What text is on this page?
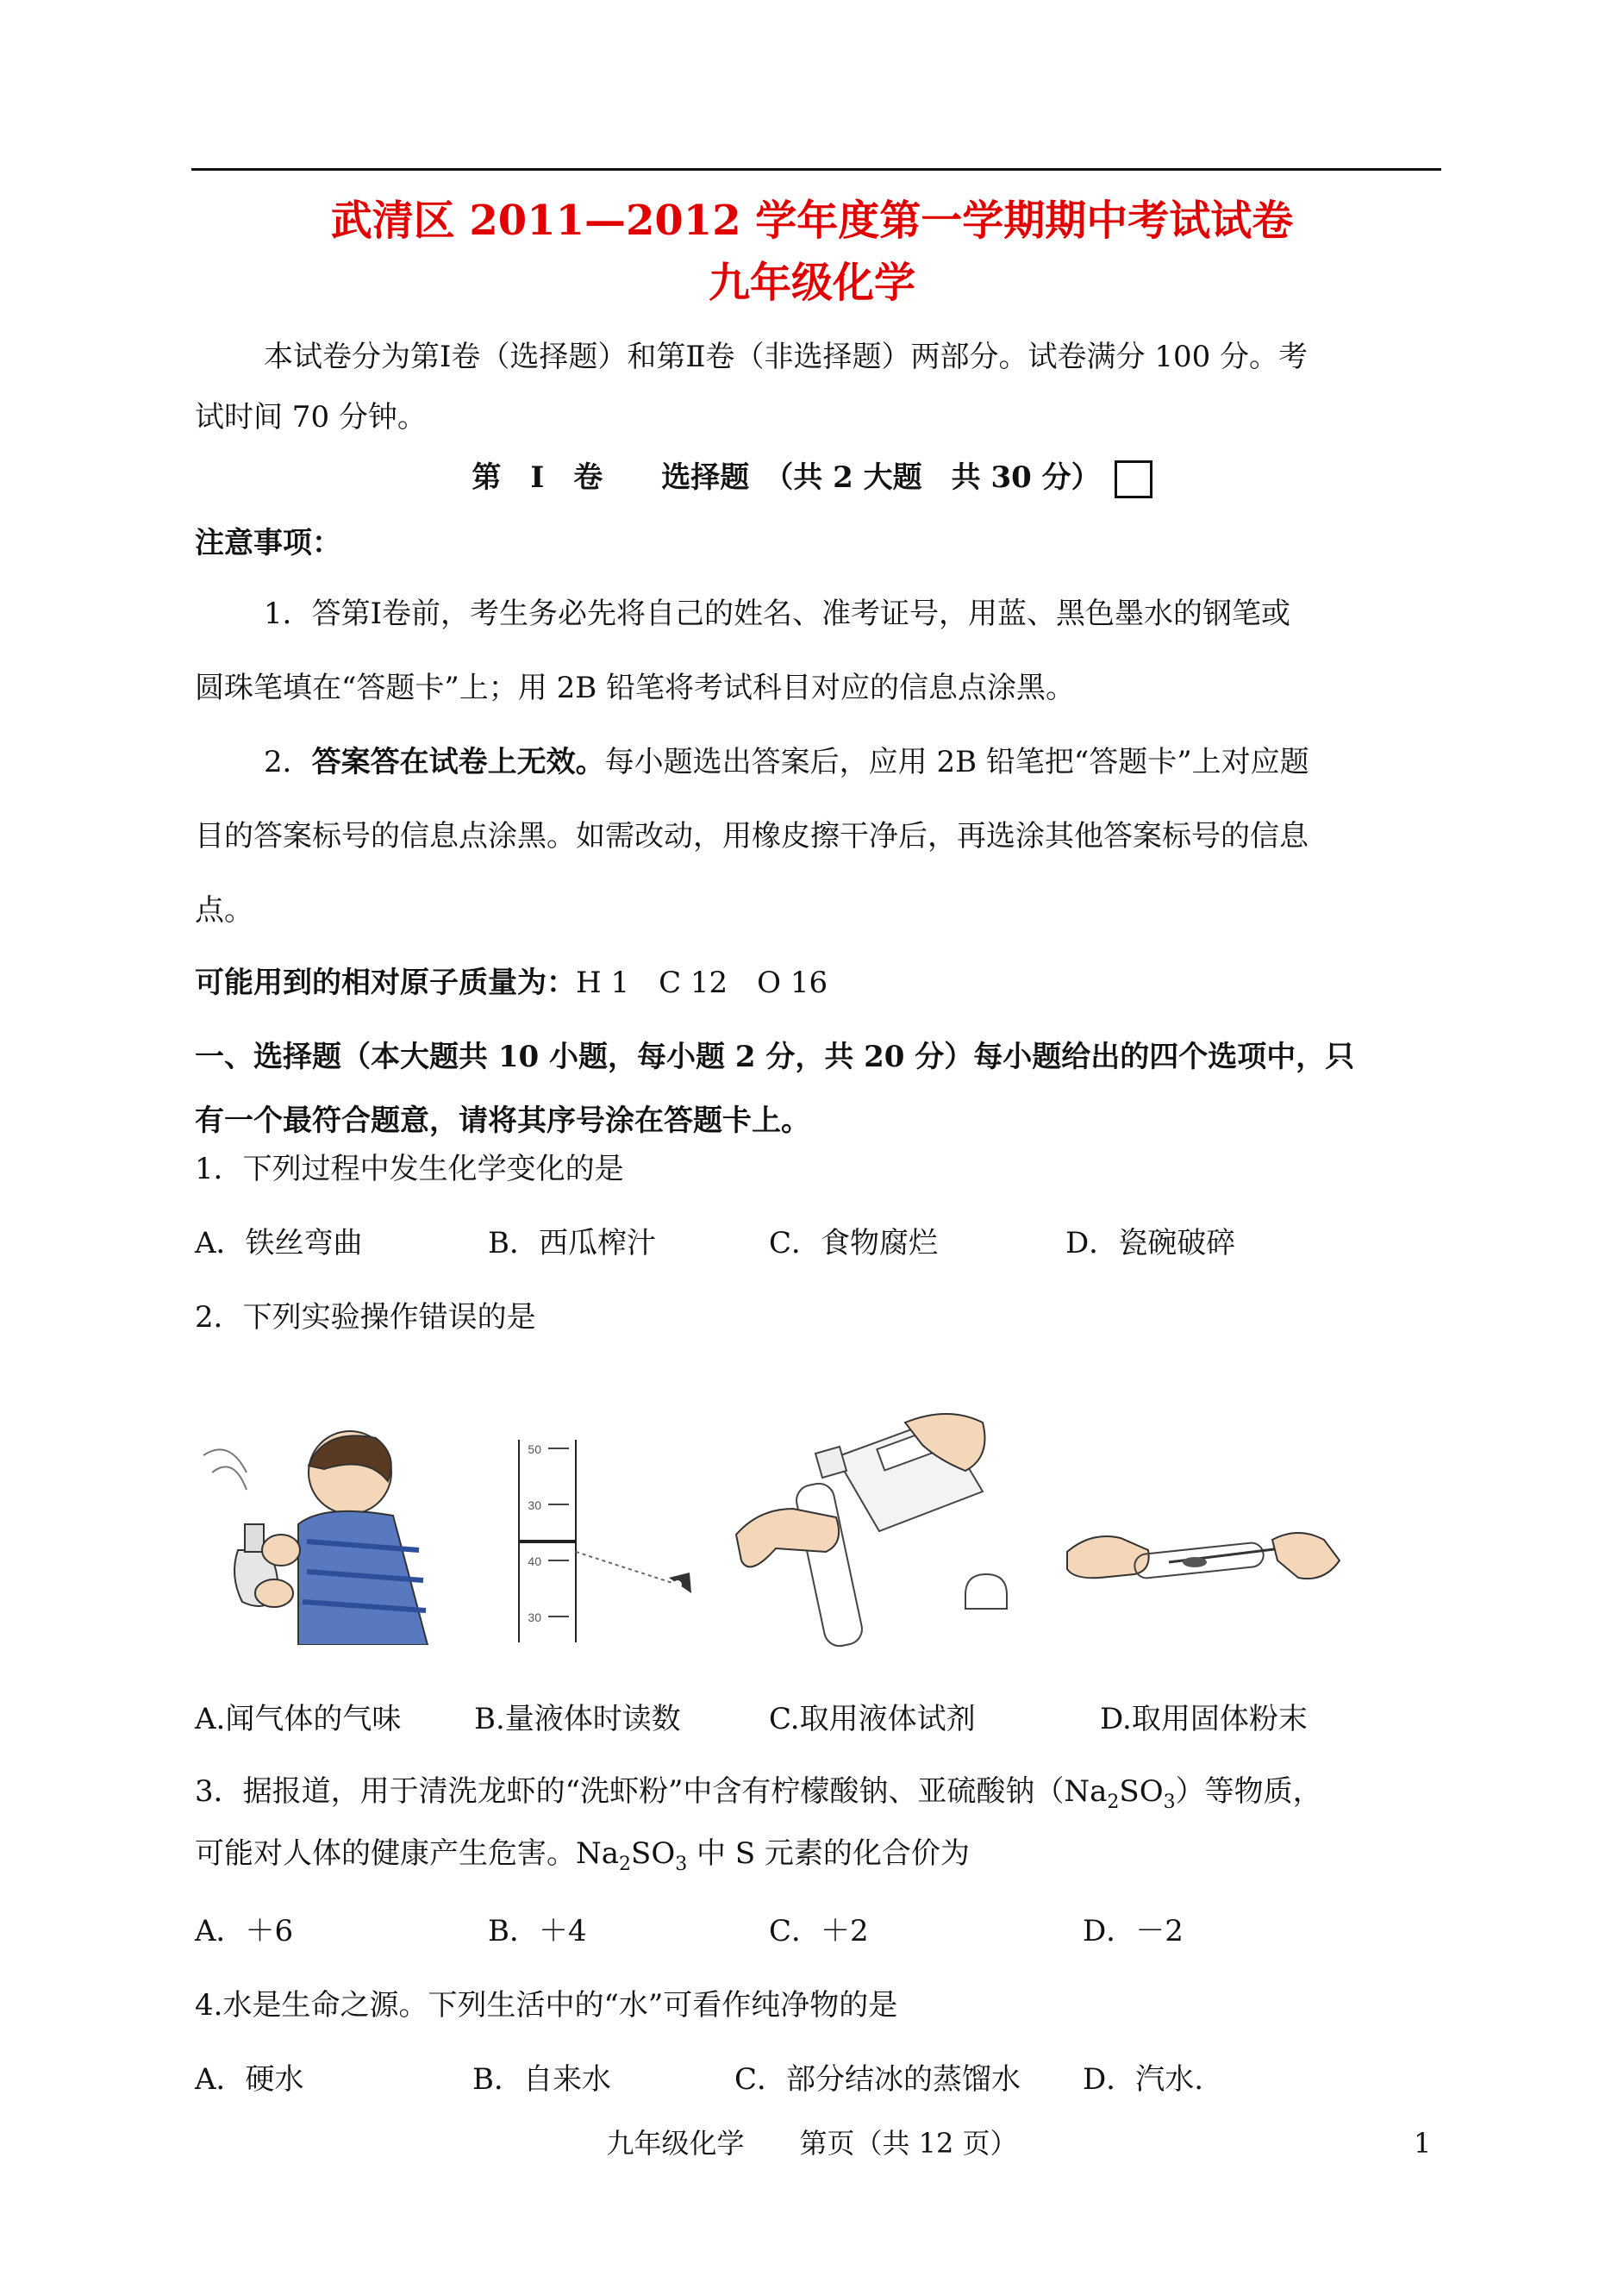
武清区 2011—2012 学年度第一学期期中考试试卷
九年级化学
本试卷分为第Ⅰ卷（选择题）和第Ⅱ卷（非选择题）两部分。试卷满分 100 分。考
试时间 70 分钟。
第　Ⅰ　卷　　选择题　（共 2 大题　共 30 分）
注意事项：
1．答第Ⅰ卷前，考生务必先将自己的姓名、准考证号，用蓝、黑色墨水的钢笔或
圆珠笔填在“答题卡”上；用 2B 铅笔将考试科目对应的信息点涂黑。
2．答案答在试卷上无效。每小题选出答案后，应用 2B 铅笔把“答题卡”上对应题
目的答案标号的信息点涂黑。如需改动，用橡皮擦干净后，再选涂其他答案标号的信息
点。
可能用到的相对原子质量为：H 1　C 12　O 16
一、选择题（本大题共 10 小题，每小题 2 分，共 20 分）每小题给出的四个选项中，只
有一个最符合题意，请将其序号涂在答题卡上。
1．下列过程中发生化学变化的是
A．铁丝弯曲	B．西瓜榨汁	C．食物腐烂	D．瓷碗破碎
2．下列实验操作错误的是
50
30
40
30
A.闻气体的气味 B.量液体时读数	C.取用液体试剂	D.取用固体粉末
3．据报道，用于清洗龙虾的“洗虾粉”中含有柠檬酸钠、亚硫酸钠$(Na_2SO_3)$等物质，
可能对人体的健康产生危害。$Na_2SO_3$ 中 S 元素的化合价为
A．＋6	B．＋4	C．＋2	D．－2
4.水是生命之源。下列生活中的“水”可看作纯净物的是
A．硬水	B．自来水	C．部分结冰的蒸馏水 D．汽水.
九年级化学　　第页（共 12 页）	1
